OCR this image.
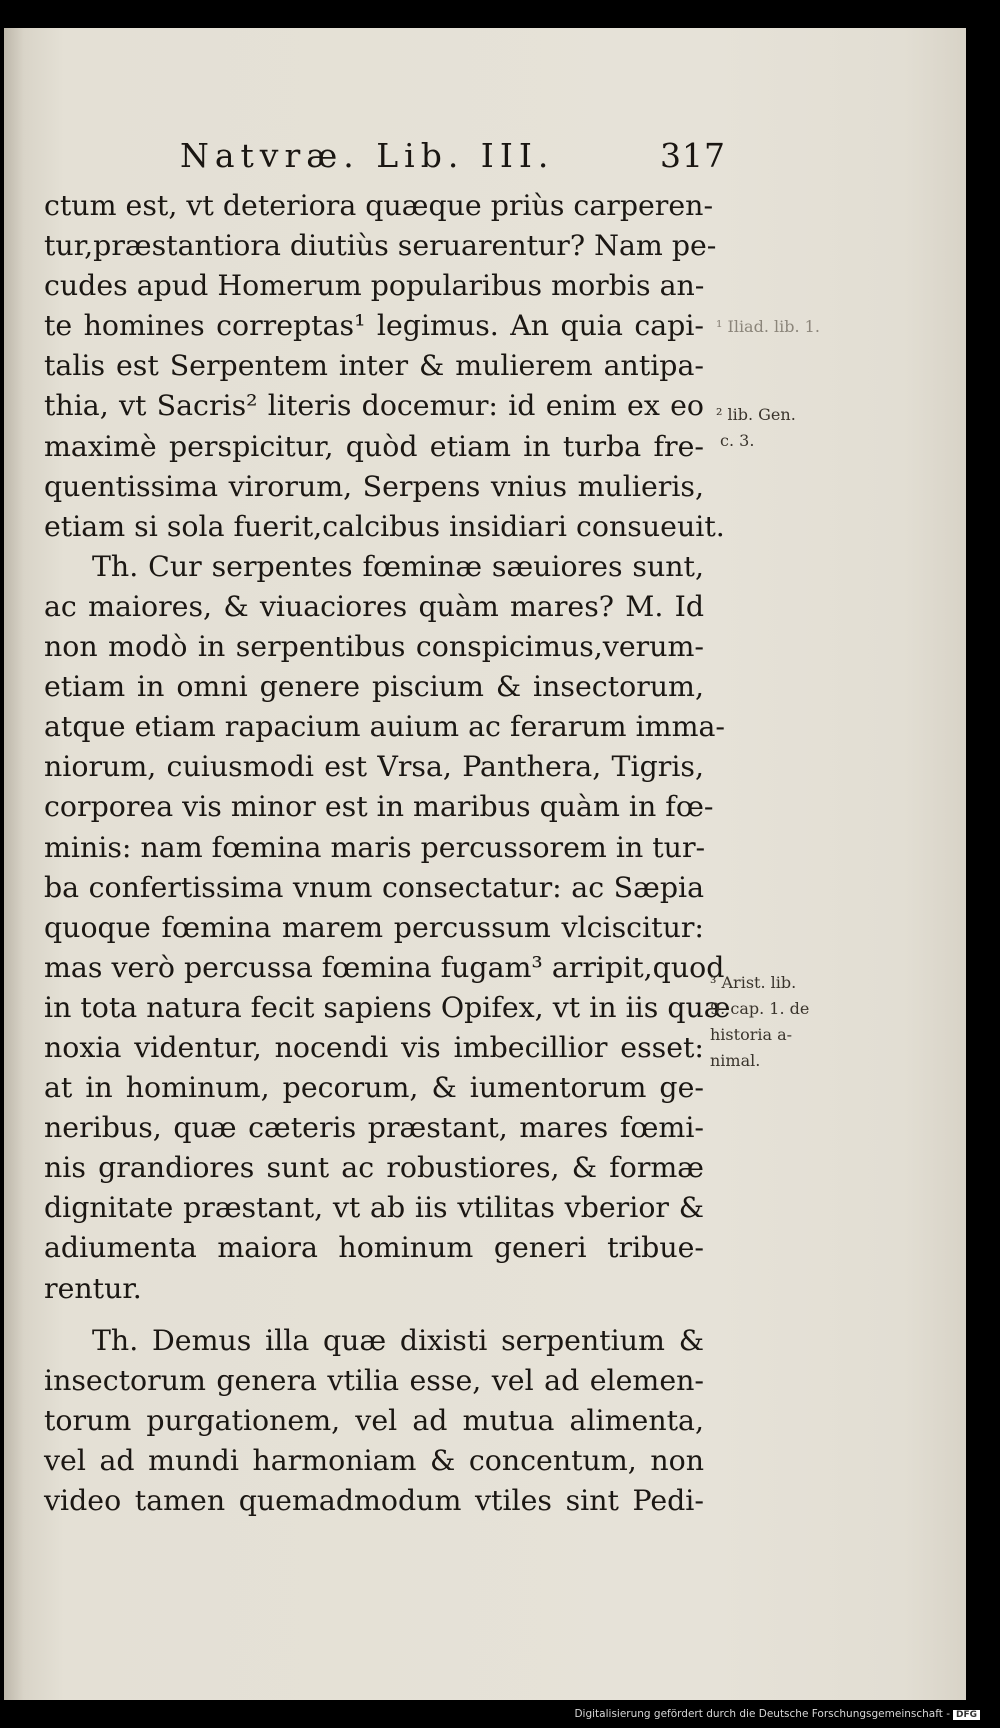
Natvræ. Lib. III.	317
ctum est, vt deteriora quæque priùs carperen-
tur,præstantiora diutiùs seruarentur? Nam pe-
cudes apud Homerum popularibus morbis an-
te homines correptas¹ legimus. An quia capi-
talis est Serpentem inter & mulierem antipa-
thia, vt Sacris² literis docemur: id enim ex eo
maximè perspicitur, quòd etiam in turba fre-
quentissima virorum, Serpens vnius mulieris,
etiam si sola fuerit,calcibus insidiari consueuit.
Th. Cur serpentes fœminæ sæuiores sunt,
ac maiores, & viuaciores quàm mares? M. Id
non modò in serpentibus conspicimus,verum-
etiam in omni genere piscium & insectorum,
atque etiam rapacium auium ac ferarum imma-
niorum, cuiusmodi est Vrsa, Panthera, Tigris,
corporea vis minor est in maribus quàm in fœ-
minis: nam fœmina maris percussorem in tur-
ba confertissima vnum consectatur: ac Sæpia
quoque fœmina marem percussum vlciscitur:
mas verò percussa fœmina fugam³ arripit,quod
in tota natura fecit sapiens Opifex, vt in iis quæ
noxia videntur, nocendi vis imbecillior esset:
at in hominum, pecorum, & iumentorum ge-
neribus, quæ cæteris præstant, mares fœmi-
nis grandiores sunt ac robustiores, & formæ
dignitate præstant, vt ab iis vtilitas vberior &
adiumenta maiora hominum generi tribue-
rentur.
Th. Demus illa quæ dixisti serpentium &
insectorum genera vtilia esse, vel ad elemen-
torum purgationem, vel ad mutua alimenta,
vel ad mundi harmoniam & concentum, non
video tamen quemadmodum vtiles sint Pedi-
¹ Iliad. lib. 1.
² lib. Gen.
c. 3.
³ Arist. lib.
9. cap. 1. de
historia a-
nimal.
Digitalisierung gefördert durch die Deutsche Forschungsgemeinschaft - DFG
